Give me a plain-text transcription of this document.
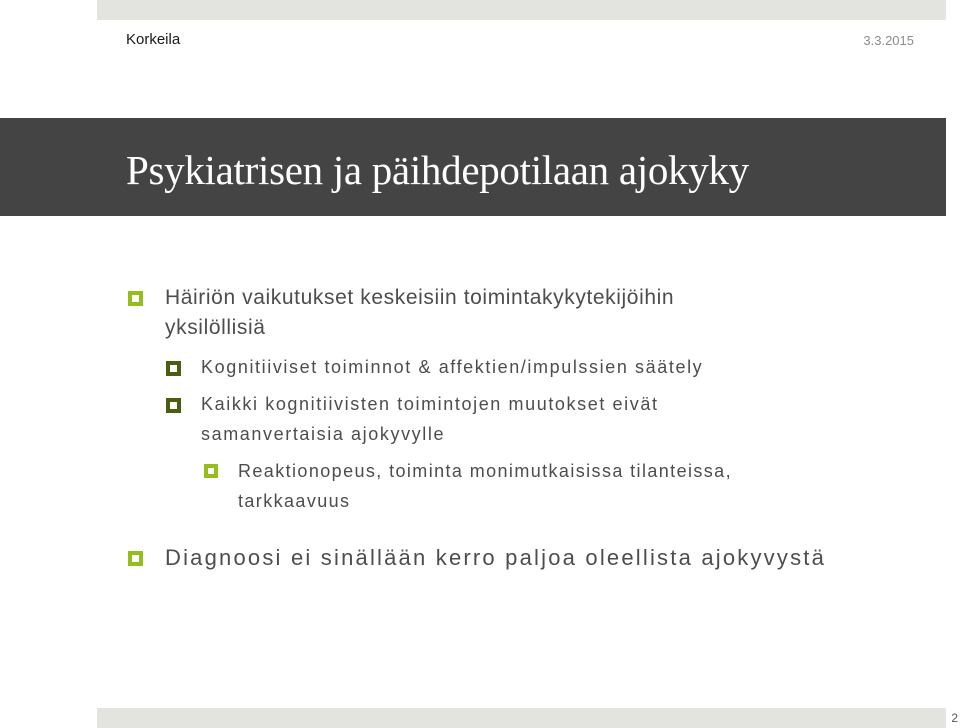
Korkeila	3.3.2015
Psykiatrisen ja päihdepotilaan ajokyky
Häiriön vaikutukset keskeisiin toimintakykytekijöihin
yksilöllisiä
Kognitiiviset toiminnot & affektien/impulssien säätely
Kaikki kognitiivisten toimintojen muutokset eivät
samanvertaisia ajokyvylle
Reaktionopeus, toiminta monimutkaisissa tilanteissa,
tarkkaavuus
Diagnoosi ei sinällään kerro paljoa oleellista ajokyvystä
2
